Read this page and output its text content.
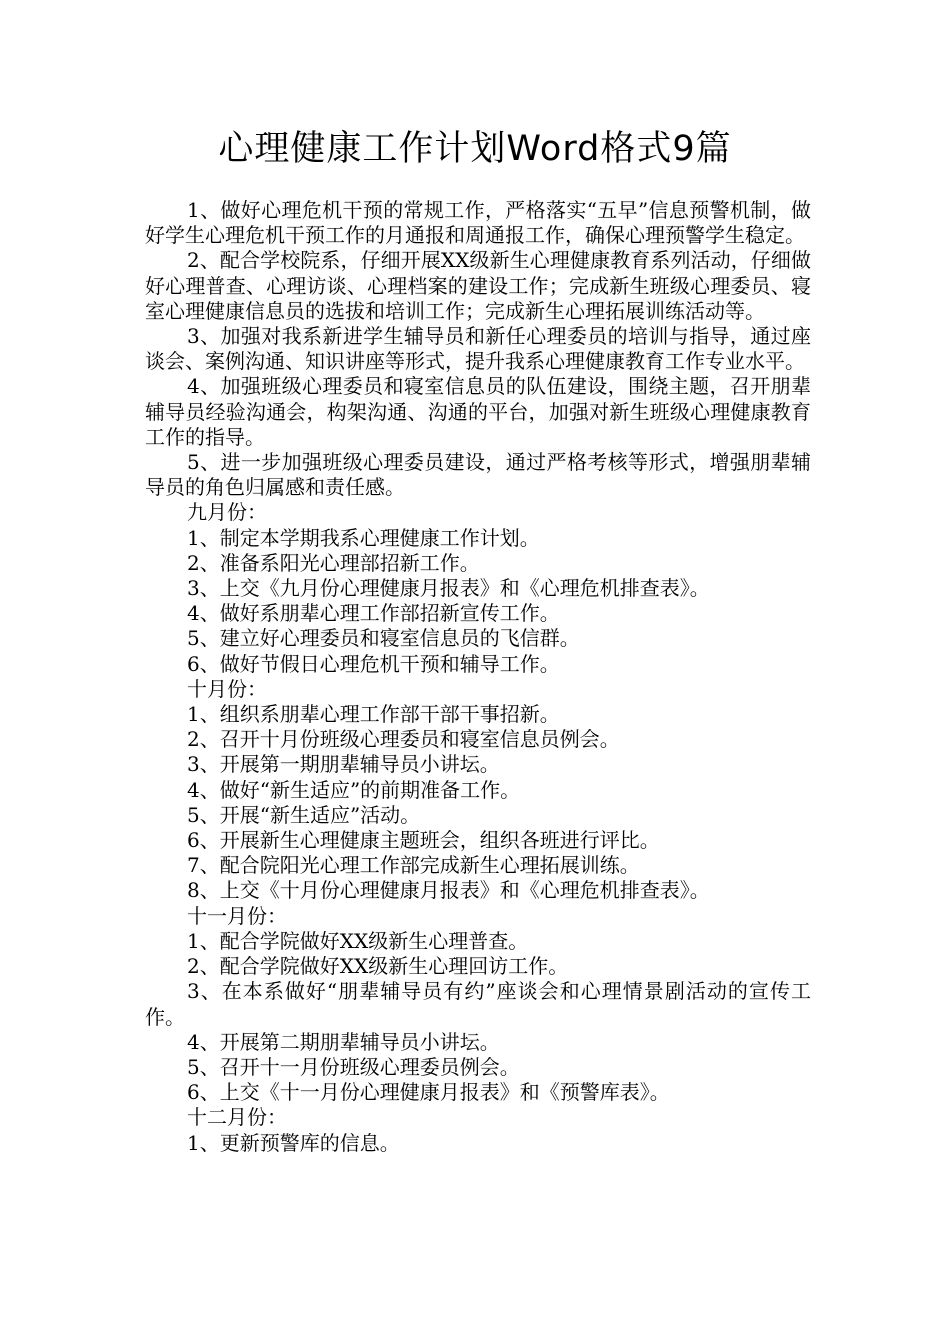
心理健康工作计划Word格式9篇

1、做好心理危机干预的常规工作，严格落实“五早”信息预警机制，做好学生心理危机干预工作的月通报和周通报工作，确保心理预警学生稳定。

2、配合学校院系，仔细开展XX级新生心理健康教育系列活动，仔细做好心理普查、心理访谈、心理档案的建设工作；完成新生班级心理委员、寝室心理健康信息员的选拔和培训工作；完成新生心理拓展训练活动等。

3、加强对我系新进学生辅导员和新任心理委员的培训与指导，通过座谈会、案例沟通、知识讲座等形式，提升我系心理健康教育工作专业水平。

4、加强班级心理委员和寝室信息员的队伍建设，围绕主题，召开朋辈辅导员经验沟通会，构架沟通、沟通的平台，加强对新生班级心理健康教育工作的指导。

5、进一步加强班级心理委员建设，通过严格考核等形式，增强朋辈辅导员的角色归属感和责任感。

九月份：

1、制定本学期我系心理健康工作计划。

2、准备系阳光心理部招新工作。

3、上交《九月份心理健康月报表》和《心理危机排查表》。

4、做好系朋辈心理工作部招新宣传工作。

5、建立好心理委员和寝室信息员的飞信群。

6、做好节假日心理危机干预和辅导工作。

十月份：

1、组织系朋辈心理工作部干部干事招新。

2、召开十月份班级心理委员和寝室信息员例会。

3、开展第一期朋辈辅导员小讲坛。

4、做好“新生适应”的前期准备工作。

5、开展“新生适应”活动。

6、开展新生心理健康主题班会，组织各班进行评比。

7、配合院阳光心理工作部完成新生心理拓展训练。

8、上交《十月份心理健康月报表》和《心理危机排查表》。

十一月份：

1、配合学院做好XX级新生心理普查。

2、配合学院做好XX级新生心理回访工作。

3、在本系做好“朋辈辅导员有约”座谈会和心理情景剧活动的宣传工作。

4、开展第二期朋辈辅导员小讲坛。

5、召开十一月份班级心理委员例会。

6、上交《十一月份心理健康月报表》和《预警库表》。

十二月份：

1、更新预警库的信息。
